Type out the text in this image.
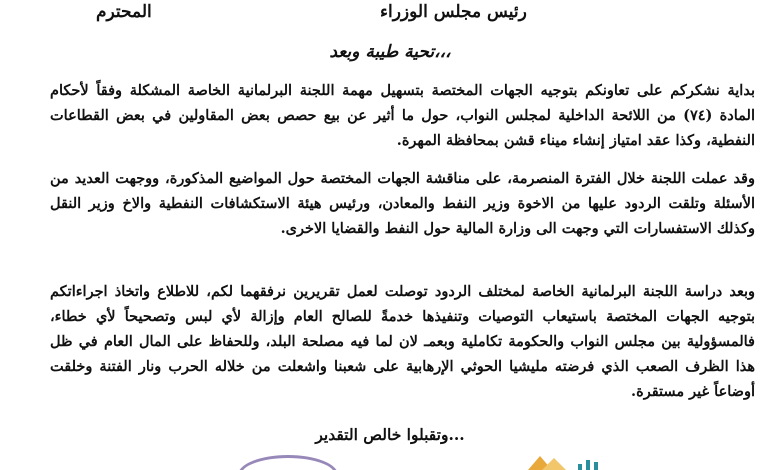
رئيس مجلس الوزراء
المحترم
تحية طيبة وبعد،،،
بداية نشكركم على تعاونكم بتوجيه الجهات المختصة بتسهيل مهمة اللجنة البرلمانية الخاصة المشكلة وفقاً لأحكام المادة (٧٤) من اللائحة الداخلية لمجلس النواب، حول ما أثير عن بيع حصص بعض المقاولين في بعض القطاعات النفطية، وكذا عقد امتياز إنشاء ميناء قشن بمحافظة المهرة.
وقد عملت اللجنة خلال الفترة المنصرمة، على مناقشة الجهات المختصة حول المواضيع المذكورة، ووجهت العديد من الأسئلة وتلقت الردود عليها من الاخوة وزير النفط والمعادن، ورئيس هيئة الاستكشافات النفطية والاخ وزير النقل وكذلك الاستفسارات التي وجهت الى وزارة المالية حول النفط والقضايا الاخرى.
وبعد دراسة اللجنة البرلمانية الخاصة لمختلف الردود توصلت لعمل تقريرين نرفقهما لكم، للاطلاع واتخاذ اجراءاتكم بتوجيه الجهات المختصة باستيعاب التوصيات وتنفيذها خدمةً للصالح العام وإزالة لأي لبس وتصحيحاً لأي خطاء، فالمسؤولية بين مجلس النواب والحكومة تكاملية وبعمـ لان لما فيه مصلحة البلد، وللحفاظ على المال العام في ظل هذا الظرف الصعب الذي فرضته مليشيا الحوثي الإرهابية على شعبنا واشعلت من خلاله الحرب ونار الفتنة وخلقت أوضاعاً غير مستقرة.
وتقبلوا خالص التقدير...
